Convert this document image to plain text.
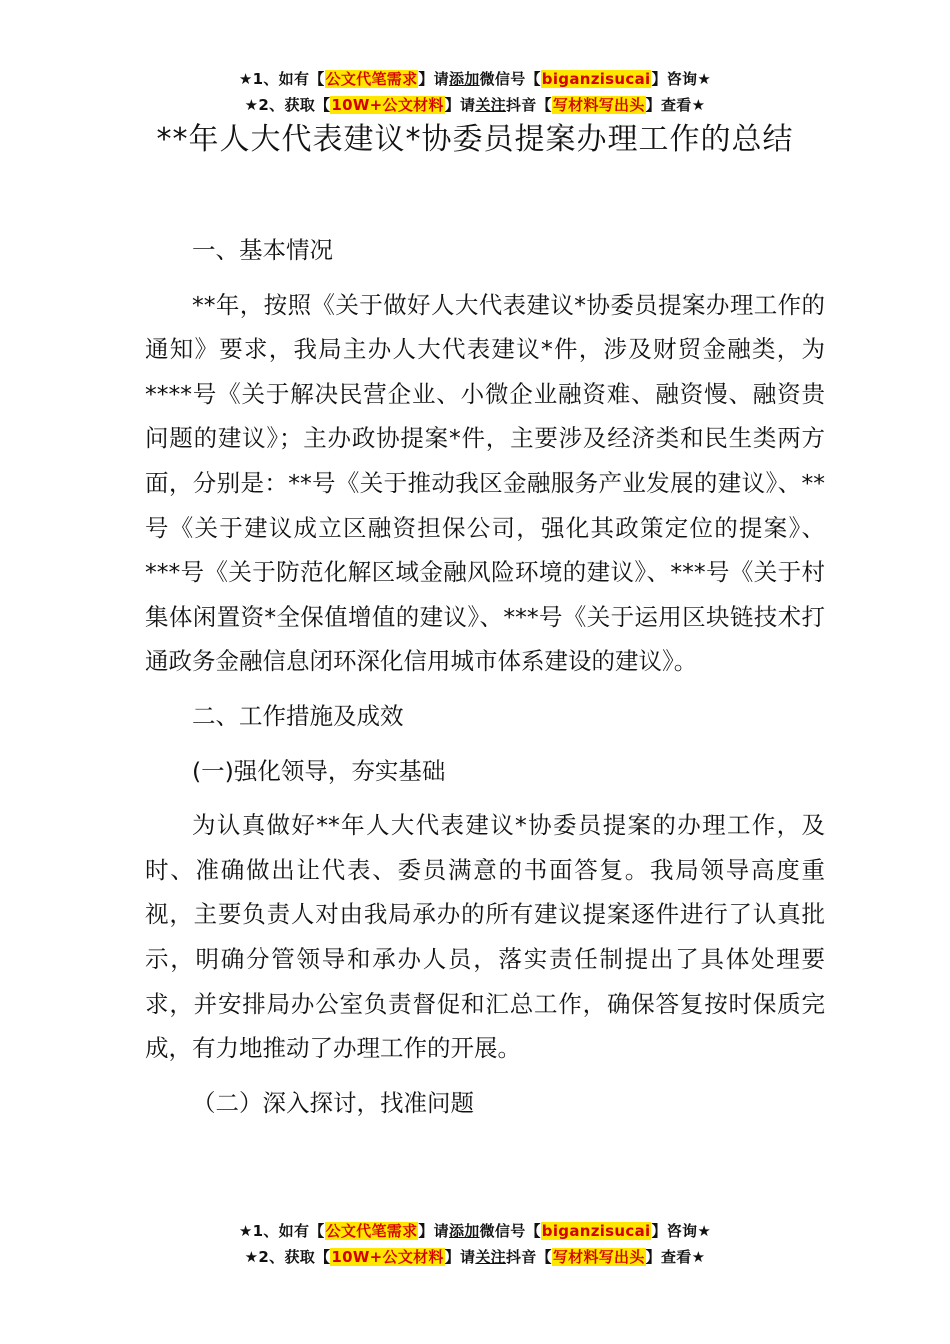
★1、如有【公文代笔需求】请添加微信号【biganzisucai】咨询★
★2、获取【10W+公文材料】请关注抖音【写材料写出头】查看★
**年人大代表建议*协委员提案办理工作的总结

一、基本情况

**年，按照《关于做好人大代表建议*协委员提案办理工作的通知》要求，我局主办人大代表建议*件，涉及财贸金融类，为****号《关于解决民营企业、小微企业融资难、融资慢、融资贵问题的建议》；主办政协提案*件，主要涉及经济类和民生类两方面，分别是：**号《关于推动我区金融服务产业发展的建议》、**号《关于建议成立区融资担保公司，强化其政策定位的提案》、***号《关于防范化解区域金融风险环境的建议》、***号《关于村集体闲置资*全保值增值的建议》、***号《关于运用区块链技术打通政务金融信息闭环深化信用城市体系建设的建议》。

二、工作措施及成效

(一)强化领导，夯实基础

为认真做好**年人大代表建议*协委员提案的办理工作，及时、准确做出让代表、委员满意的书面答复。我局领导高度重视，主要负责人对由我局承办的所有建议提案逐件进行了认真批示，明确分管领导和承办人员，落实责任制提出了具体处理要求，并安排局办公室负责督促和汇总工作，确保答复按时保质完成，有力地推动了办理工作的开展。

（二）深入探讨，找准问题

★1、如有【公文代笔需求】请添加微信号【biganzisucai】咨询★
★2、获取【10W+公文材料】请关注抖音【写材料写出头】查看★
